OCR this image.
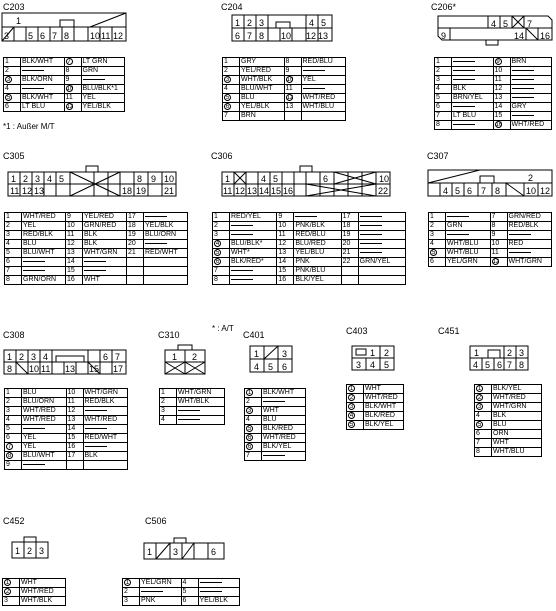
C203
1
3 5 6 7 8 10 11 12
1	BLK/WHT	7	LT GRN
2		8	GRN
3	BLK/ORN	9	
4		10	BLU/BLK*1
5	BLK/WHT	11	YEL
6	LT BLU	12	YEL/BLK
*1 : Außer M/T
C204
1 2 3	4 5
6 7 8 10 12 13
1	GRY	8	RED/BLU
2	YEL/RED	9	
3	WHT/BLK	10	YEL
4	BLU/WHT	11	
5	BLU	12	WHT/RED
6	YEL/BLK	13	WHT/BLU
7	BRN		
C206*
4 5 7
9	14 16
1		9	BRN
2		10	
3		11	
4	BLK	12	
5	BRN/YEL	13	
6		14	GRY
7	LT BLU	15	
8		16	WHT/RED
C305
1 2 3 4 5	8 9 10
11 12 13	18 19 21
1	WHT/RED	9	YEL/RED	17	
2	YEL	10	GRN/RED	18	YEL/BLK
3	RED/BLK	11	BLK	19	BLU/ORN
4	BLU	12	BLK	20	
5	BLU/WHT	13	WHT/GRN	21	RED/WHT
6		14			
7		15			
8	GRN/ORN	16	WHT		
C306
1	4 5	6	10
11 12 13 14 15 16	22
1	RED/YEL	9		17	
2		10	PNK/BLK	18	
3		11	RED/BLU	19	
4	BLU/BLK*	12	BLU/RED	20	
5	WHT*	13	YEL/BLU	21	
6	BLK/RED*	14	PNK	22	GRN/YEL
7		15	PNK/BLU		
8		16	BLK/YEL		
* : A/T
C307
2
4 5 6 7 8	10 12
1		7	GRN/RED
2	GRN	8	RED/BLK
3		9	
4	WHT/BLU	10	RED
5	WHT/BLU	11	
6	YEL/GRN	12	WHT/GRN
C308
1 2 3 4	6 7
8 10 11 13 15 17
1	BLU	10	WHT/GRN
2	BLU/ORN	11	RED/BLK
3	WHT/RED	12	
4	WHT/RED	13	WHT/RED
5		14	
6	YEL	15	RED/WHT
7	YEL	16	
8	BLU/WHT	17	BLK
9			
C310
1 2
1	WHT/GRN
2	WHT/BLK
3	
4	
C401
1	3
4 5 6
1	BLK/WHT
2	
3	WHT
4	BLU
5	BLK/RED
6	WHT/RED
6	BLK/YEL
7	
C403
1 2
3 4 5
1	WHT
2	WHT/RED
3	BLK/WHT
4	BLK/RED
5	BLK/YEL
C451
1	2 3
4 5 6 7 8
1	BLK/YEL
2	WHT/RED
3	WHT/GRN
4	BLK
5	BLU
6	ORN
7	WHT
8	WHT/BLU
C452
1 2 3
1	WHT
2	WHT/RED
3	WHT/BLK
C506
1 3	6
1	YEL/GRN	4	
2		5	
3	PNK	6	YEL/BLK
